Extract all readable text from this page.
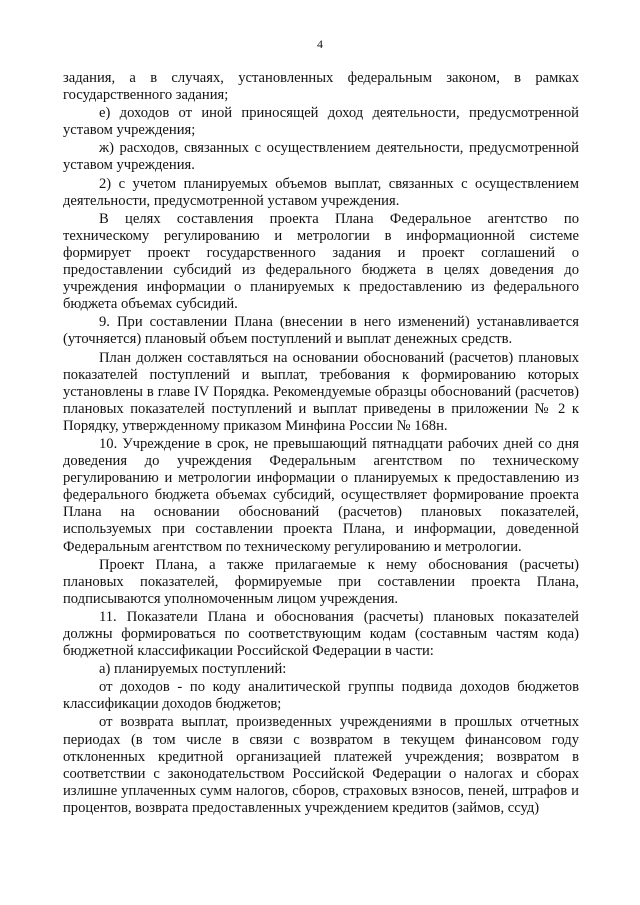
4

задания, а в случаях, установленных федеральным законом, в рамках государственного задания;

е) доходов от иной приносящей доход деятельности, предусмотренной уставом учреждения;

ж) расходов, связанных с осуществлением деятельности, предусмотренной уставом учреждения.

2) с учетом планируемых объемов выплат, связанных с осуществлением деятельности, предусмотренной уставом учреждения.

В целях составления проекта Плана Федеральное агентство по техническому регулированию и метрологии в информационной системе формирует проект государственного задания и проект соглашений о предоставлении субсидий из федерального бюджета в целях доведения до учреждения информации о планируемых к предоставлению из федерального бюджета объемах субсидий.

9. При составлении Плана (внесении в него изменений) устанавливается (уточняется) плановый объем поступлений и выплат денежных средств.

План должен составляться на основании обоснований (расчетов) плановых показателей поступлений и выплат, требования к формированию которых установлены в главе IV Порядка. Рекомендуемые образцы обоснований (расчетов) плановых показателей поступлений и выплат приведены в приложении № 2 к Порядку, утвержденному приказом Минфина России № 168н.

10. Учреждение в срок, не превышающий пятнадцати рабочих дней со дня доведения до учреждения Федеральным агентством по техническому регулированию и метрологии информации о планируемых к предоставлению из федерального бюджета объемах субсидий, осуществляет формирование проекта Плана на основании обоснований (расчетов) плановых показателей, используемых при составлении проекта Плана, и информации, доведенной Федеральным агентством по техническому регулированию и метрологии.

Проект Плана, а также прилагаемые к нему обоснования (расчеты) плановых показателей, формируемые при составлении проекта Плана, подписываются уполномоченным лицом учреждения.

11. Показатели Плана и обоснования (расчеты) плановых показателей должны формироваться по соответствующим кодам (составным частям кода) бюджетной классификации Российской Федерации в части:

а) планируемых поступлений:

от доходов - по коду аналитической группы подвида доходов бюджетов классификации доходов бюджетов;

от возврата выплат, произведенных учреждениями в прошлых отчетных периодах (в том числе в связи с возвратом в текущем финансовом году отклоненных кредитной организацией платежей учреждения; возвратом в соответствии с законодательством Российской Федерации о налогах и сборах излишне уплаченных сумм налогов, сборов, страховых взносов, пеней, штрафов и процентов, возврата предоставленных учреждением кредитов (займов, ссуд)
